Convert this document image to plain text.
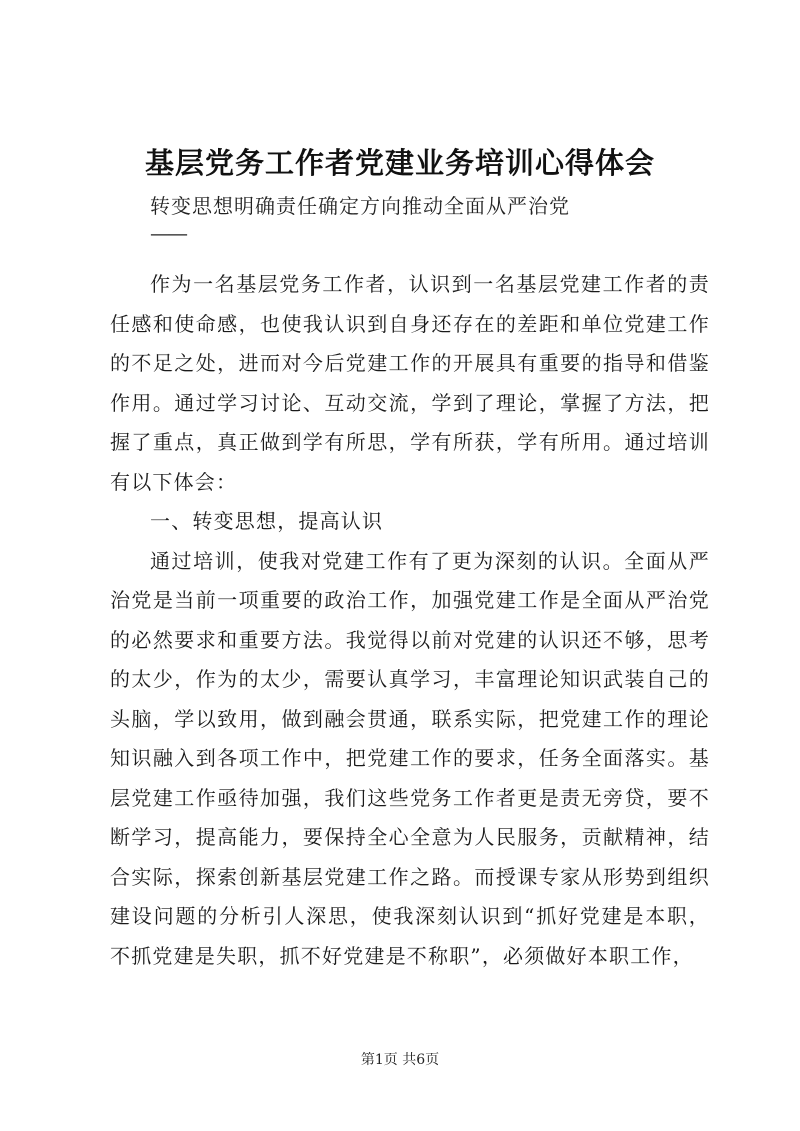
基层党务工作者党建业务培训心得体会
转变思想明确责任确定方向推动全面从严治党
——

作为一名基层党务工作者，认识到一名基层党建工作者的责任感和使命感，也使我认识到自身还存在的差距和单位党建工作的不足之处，进而对今后党建工作的开展具有重要的指导和借鉴作用。通过学习讨论、互动交流，学到了理论，掌握了方法，把握了重点，真正做到学有所思，学有所获，学有所用。通过培训有以下体会：

一、转变思想，提高认识

通过培训，使我对党建工作有了更为深刻的认识。全面从严治党是当前一项重要的政治工作，加强党建工作是全面从严治党的必然要求和重要方法。我觉得以前对党建的认识还不够，思考的太少，作为的太少，需要认真学习，丰富理论知识武装自己的头脑，学以致用，做到融会贯通，联系实际，把党建工作的理论知识融入到各项工作中，把党建工作的要求，任务全面落实。基层党建工作亟待加强，我们这些党务工作者更是责无旁贷，要不断学习，提高能力，要保持全心全意为人民服务，贡献精神，结合实际，探索创新基层党建工作之路。而授课专家从形势到组织建设问题的分析引人深思，使我深刻认识到“抓好党建是本职，不抓党建是失职，抓不好党建是不称职”，必须做好本职工作，

第1页 共6页
